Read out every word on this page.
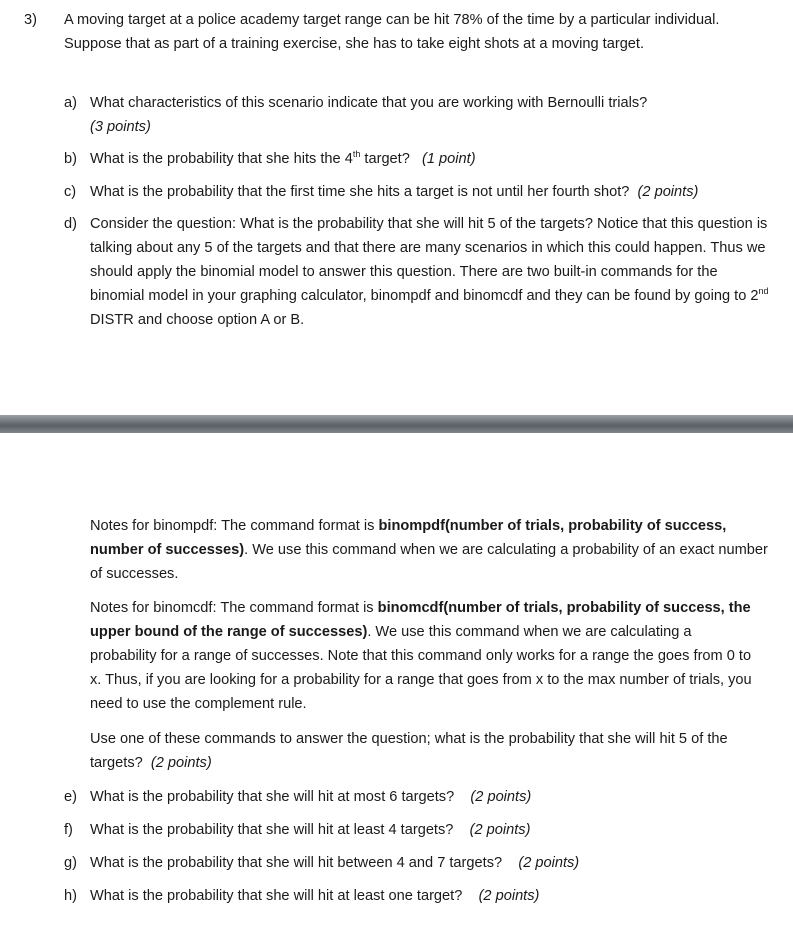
3) A moving target at a police academy target range can be hit 78% of the time by a particular individual. Suppose that as part of a training exercise, she has to take eight shots at a moving target.

a) What characteristics of this scenario indicate that you are working with Bernoulli trials?
(3 points)
b) What is the probability that she hits the 4th target? (1 point)
c) What is the probability that the first time she hits a target is not until her fourth shot? (2 points)
d) Consider the question: What is the probability that she will hit 5 of the targets? Notice that this question is talking about any 5 of the targets and that there are many scenarios in which this could happen. Thus we should apply the binomial model to answer this question. There are two built-in commands for the binomial model in your graphing calculator, binompdf and binomcdf and they can be found by going to 2nd DISTR and choose option A or B.

Notes for binompdf: The command format is binompdf(number of trials, probability of success, number of successes). We use this command when we are calculating a probability of an exact number of successes.

Notes for binomcdf: The command format is binomcdf(number of trials, probability of success, the upper bound of the range of successes). We use this command when we are calculating a probability for a range of successes. Note that this command only works for a range the goes from 0 to x. Thus, if you are looking for a probability for a range that goes from x to the max number of trials, you need to use the complement rule.

Use one of these commands to answer the question; what is the probability that she will hit 5 of the targets? (2 points)

e) What is the probability that she will hit at most 6 targets? (2 points)
f)	What is the probability that she will hit at least 4 targets? (2 points)
g) What is the probability that she will hit between 4 and 7 targets? (2 points)
h) What is the probability that she will hit at least one target? (2 points)
